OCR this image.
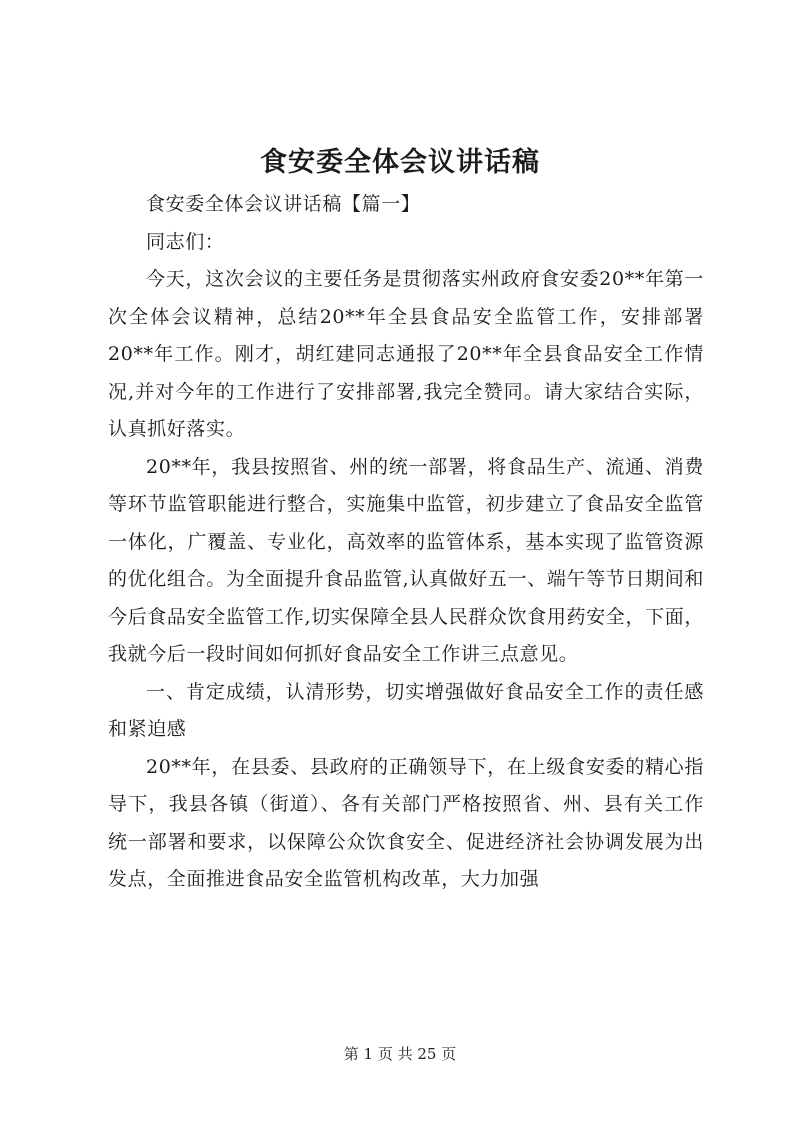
食安委全体会议讲话稿

食安委全体会议讲话稿【篇一】

同志们：

今天，这次会议的主要任务是贯彻落实州政府食安委20**年第一次全体会议精神，总结20**年全县食品安全监管工作，安排部署20**年工作。刚才，胡红建同志通报了20**年全县食品安全工作情况,并对今年的工作进行了安排部署,我完全赞同。请大家结合实际，认真抓好落实。

20**年，我县按照省、州的统一部署，将食品生产、流通、消费等环节监管职能进行整合，实施集中监管，初步建立了食品安全监管一体化，广覆盖、专业化，高效率的监管体系，基本实现了监管资源的优化组合。为全面提升食品监管,认真做好五一、端午等节日期间和今后食品安全监管工作,切实保障全县人民群众饮食用药安全，下面，我就今后一段时间如何抓好食品安全工作讲三点意见。

一、肯定成绩，认清形势，切实增强做好食品安全工作的责任感和紧迫感

20**年，在县委、县政府的正确领导下，在上级食安委的精心指导下，我县各镇（街道）、各有关部门严格按照省、州、县有关工作统一部署和要求，以保障公众饮食安全、促进经济社会协调发展为出发点，全面推进食品安全监管机构改革，大力加强

第 1 页 共 25 页
